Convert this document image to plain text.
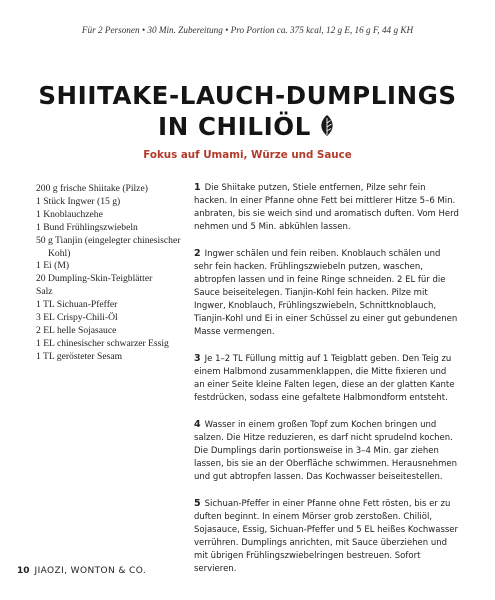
Für 2 Personen • 30 Min. Zubereitung • Pro Portion ca. 375 kcal, 12 g E, 16 g F, 44 g KH
SHIITAKE-LAUCH-DUMPLINGS
IN CHILIÖL
Fokus auf Umami, Würze und Sauce
200 g frische Shiitake (Pilze)
1 Stück Ingwer (15 g)
1 Knoblauchzehe
1 Bund Frühlingszwiebeln
50 g Tianjin (eingelegter chinesischer Kohl)
1 Ei (M)
20 Dumpling-Skin-Teigblätter
Salz
1 TL Sichuan-Pfeffer
3 EL Crispy-Chili-Öl
2 EL helle Sojasauce
1 EL chinesischer schwarzer Essig
1 TL gerösteter Sesam

1 Die Shiitake putzen, Stiele entfernen, Pilze sehr fein hacken. In einer Pfanne ohne Fett bei mittlerer Hitze 5–6 Min. anbraten, bis sie weich sind und aromatisch duften. Vom Herd nehmen und 5 Min. abkühlen lassen.

2 Ingwer schälen und fein reiben. Knoblauch schälen und sehr fein hacken. Frühlingszwiebeln putzen, waschen, abtropfen lassen und in feine Ringe schneiden. 2 EL für die Sauce beiseitelegen. Tianjin-Kohl fein hacken. Pilze mit Ingwer, Knoblauch, Frühlingszwiebeln, Schnittknoblauch, Tianjin-Kohl und Ei in einer Schüssel zu einer gut gebundenen Masse vermengen.

3 Je 1–2 TL Füllung mittig auf 1 Teigblatt geben. Den Teig zu einem Halbmond zusammenklappen, die Mitte fixieren und an einer Seite kleine Falten legen, diese an der glatten Kante festdrücken, sodass eine gefaltete Halbmondform entsteht.

4 Wasser in einem großen Topf zum Kochen bringen und salzen. Die Hitze reduzieren, es darf nicht sprudelnd kochen. Die Dumplings darin portionsweise in 3–4 Min. gar ziehen lassen, bis sie an der Oberfläche schwimmen. Herausnehmen und gut abtropfen lassen. Das Kochwasser beiseitestellen.

5 Sichuan-Pfeffer in einer Pfanne ohne Fett rösten, bis er zu duften beginnt. In einem Mörser grob zerstoßen. Chiliöl, Sojasauce, Essig, Sichuan-Pfeffer und 5 EL heißes Kochwasser verrühren. Dumplings anrichten, mit Sauce überziehen und mit übrigen Frühlingszwiebelringen bestreuen. Sofort servieren.

10 JIAOZI, WONTON & CO.
